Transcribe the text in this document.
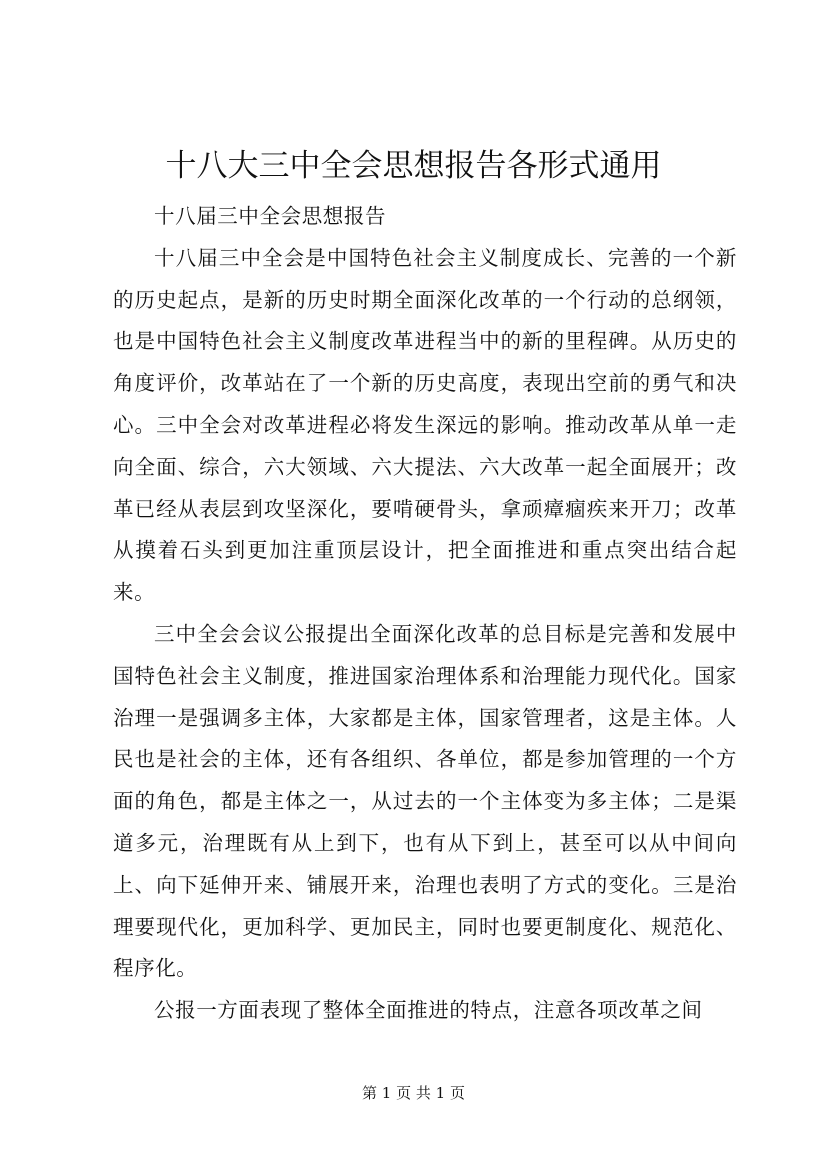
十八大三中全会思想报告各形式通用

十八届三中全会思想报告

十八届三中全会是中国特色社会主义制度成长、完善的一个新的历史起点，是新的历史时期全面深化改革的一个行动的总纲领，也是中国特色社会主义制度改革进程当中的新的里程碑。从历史的角度评价，改革站在了一个新的历史高度，表现出空前的勇气和决心。三中全会对改革进程必将发生深远的影响。推动改革从单一走向全面、综合，六大领域、六大提法、六大改革一起全面展开；改革已经从表层到攻坚深化，要啃硬骨头，拿顽瘴痼疾来开刀；改革从摸着石头到更加注重顶层设计，把全面推进和重点突出结合起来。

三中全会会议公报提出全面深化改革的总目标是完善和发展中国特色社会主义制度，推进国家治理体系和治理能力现代化。国家治理一是强调多主体，大家都是主体，国家管理者，这是主体。人民也是社会的主体，还有各组织、各单位，都是参加管理的一个方面的角色，都是主体之一，从过去的一个主体变为多主体；二是渠道多元，治理既有从上到下，也有从下到上，甚至可以从中间向上、向下延伸开来、铺展开来，治理也表明了方式的变化。三是治理要现代化，更加科学、更加民主，同时也要更制度化、规范化、程序化。

公报一方面表现了整体全面推进的特点，注意各项改革之间

第 1 页 共 1 页
